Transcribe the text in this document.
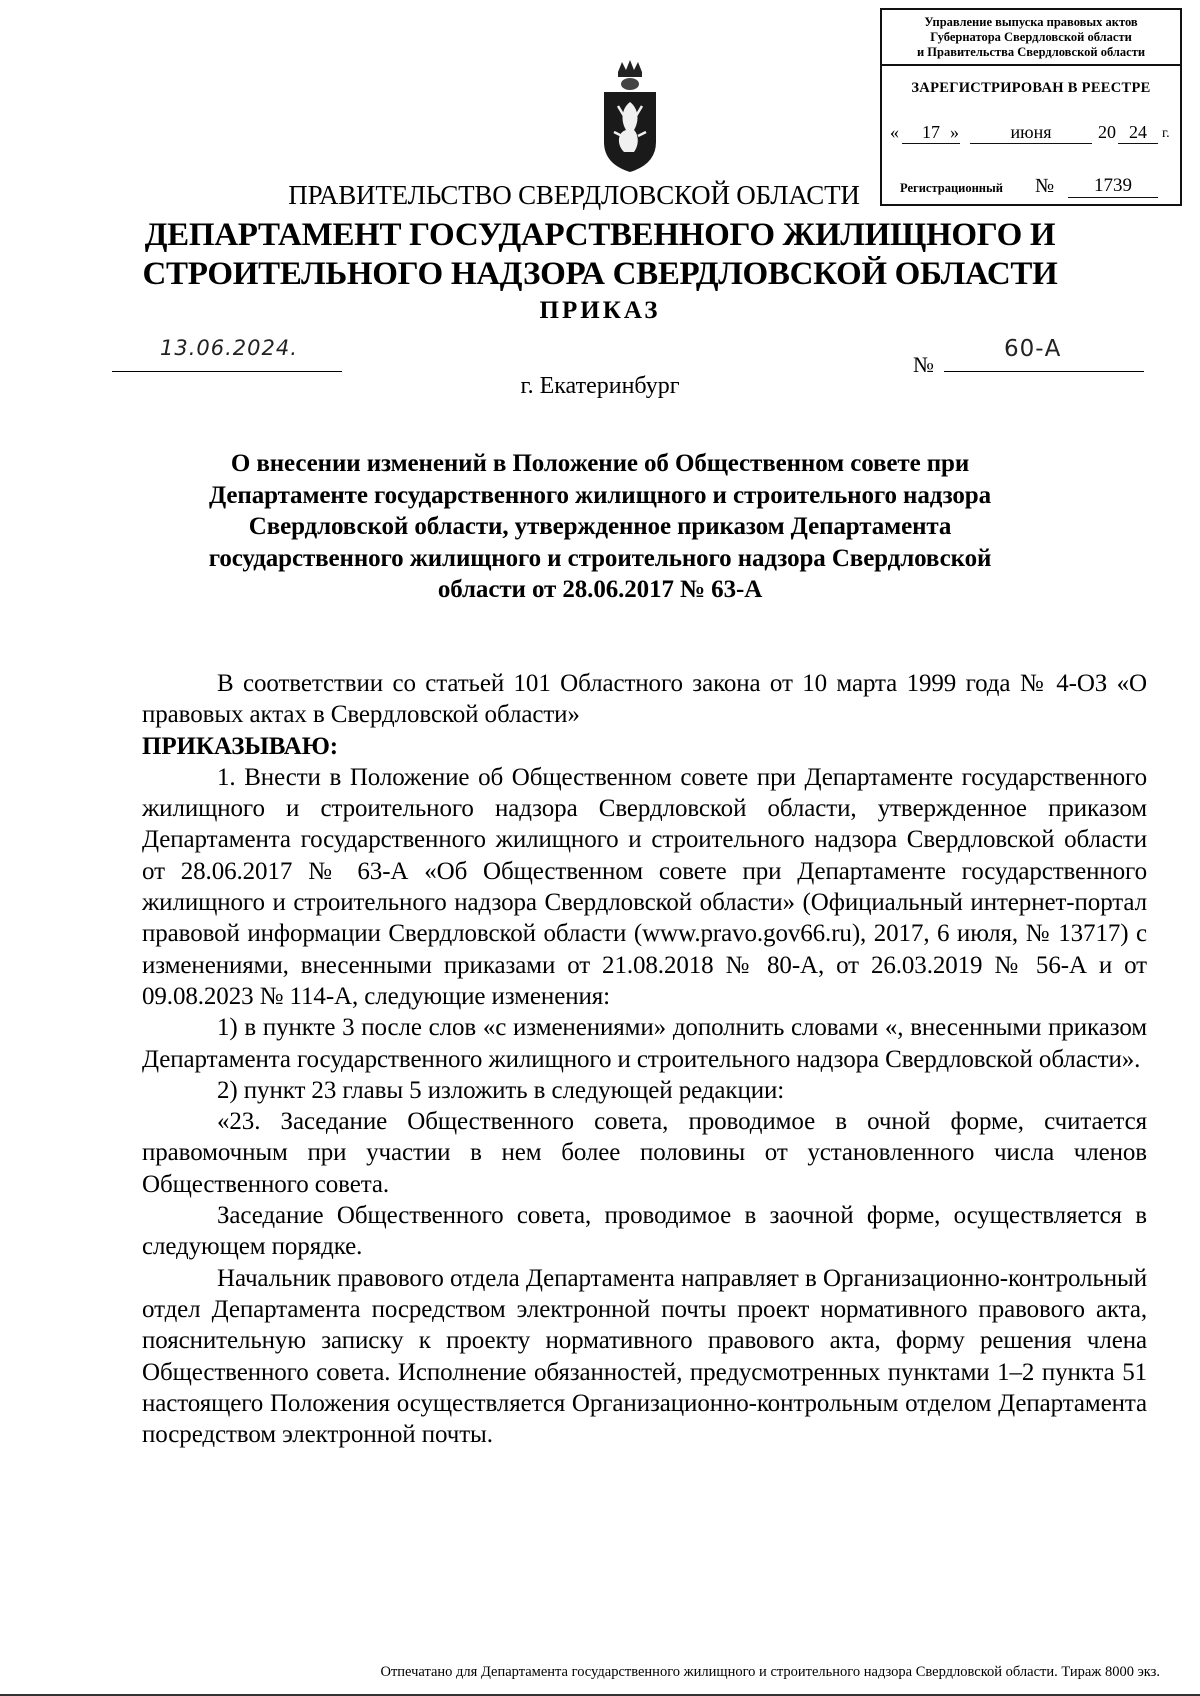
Управление выпуска правовых актов
Губернатора Свердловской области
и Правительства Свердловской области
ЗАРЕГИСТРИРОВАН В РЕЕСТРЕ
«	17 »	июня	20 24	г.
Регистрационный №	1739
ПРАВИТЕЛЬСТВО СВЕРДЛОВСКОЙ ОБЛАСТИ
ДЕПАРТАМЕНТ ГОСУДАРСТВЕННОГО ЖИЛИЩНОГО И
СТРОИТЕЛЬНОГО НАДЗОРА СВЕРДЛОВСКОЙ ОБЛАСТИ
ПРИКАЗ
13.06.2024.
№
60-А
г. Екатеринбург
О внесении изменений в Положение об Общественном совете при
Департаменте государственного жилищного и строительного надзора
Свердловской области, утвержденное приказом Департамента
государственного жилищного и строительного надзора Свердловской
области от 28.06.2017 № 63-А

В соответствии со статьей 101 Областного закона от 10 марта 1999 года № 4-ОЗ «О правовых актах в Свердловской области»

ПРИКАЗЫВАЮ:

1. Внести в Положение об Общественном совете при Департаменте государственного жилищного и строительного надзора Свердловской области, утвержденное приказом Департамента государственного жилищного и строительного надзора Свердловской области от 28.06.2017 № 63-А «Об Общественном совете при Департаменте государственного жилищного и строительного надзора Свердловской области» (Официальный интернет-портал правовой информации Свердловской области (www.pravo.gov66.ru), 2017, 6 июля, № 13717) с изменениями, внесенными приказами от 21.08.2018 № 80-А, от 26.03.2019 № 56-А и от 09.08.2023 № 114-А, следующие изменения:

1) в пункте 3 после слов «с изменениями» дополнить словами «, внесенными приказом Департамента государственного жилищного и строительного надзора Свердловской области».

2) пункт 23 главы 5 изложить в следующей редакции:

«23. Заседание Общественного совета, проводимое в очной форме, считается правомочным при участии в нем более половины от установленного числа членов Общественного совета.

Заседание Общественного совета, проводимое в заочной форме, осуществляется в следующем порядке.

Начальник правового отдела Департамента направляет в Организационно-контрольный отдел Департамента посредством электронной почты проект нормативного правового акта, пояснительную записку к проекту нормативного правового акта, форму решения члена Общественного совета. Исполнение обязанностей, предусмотренных пунктами 1–2 пункта 51 настоящего Положения осуществляется Организационно-контрольным отделом Департамента посредством электронной почты.

Отпечатано для Департамента государственного жилищного и строительного надзора Свердловской области. Тираж 8000 экз.
